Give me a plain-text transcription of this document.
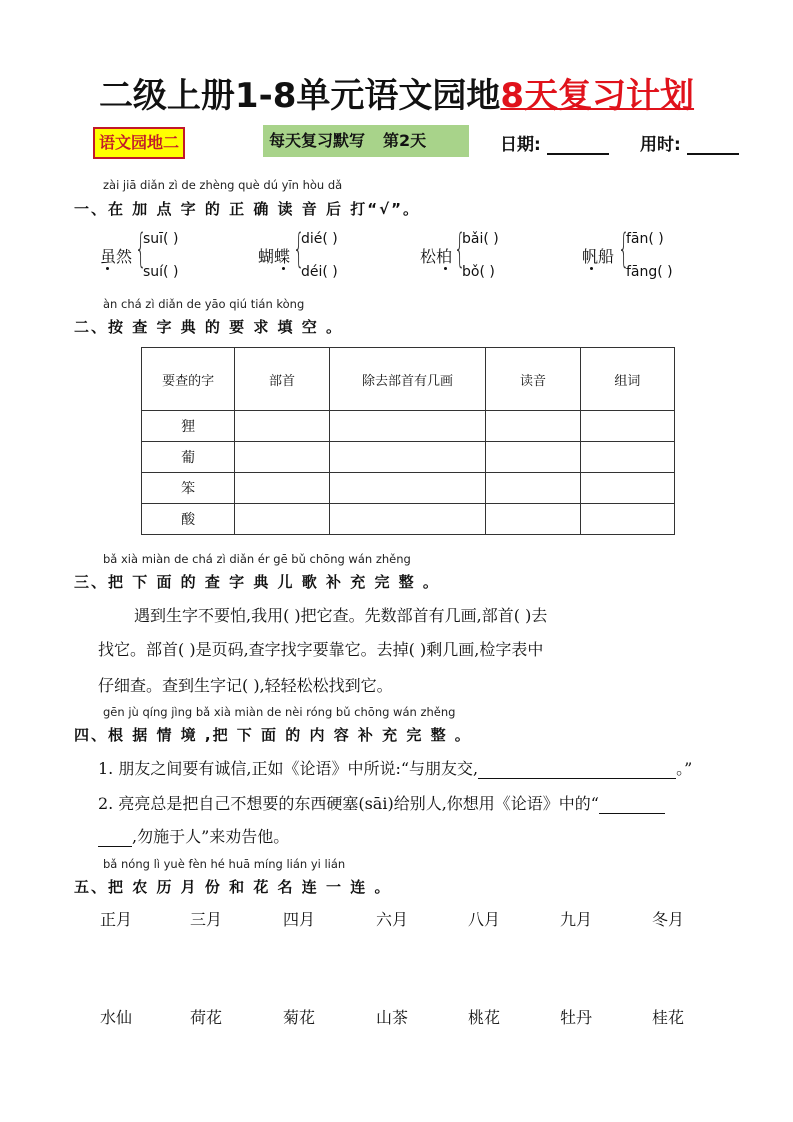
二级上册1-8单元语文园地8天复习计划
语文园地二	每天复习默写 第2天	日期:	用时:
zài jiā diǎn zì de zhèng què dú yīn hòu dǎ
一、在 加 点 字 的 正 确 读 音 后 打“√”。
虽然 {
suī( )
suí( )
蝴蝶 {
dié( )
déi( )
松柏 {
bǎi( )
bǒ( )
帆船 {
fān( )
fāng( )
àn chá zì diǎn de yāo qiú tián kòng
二、按 查 字 典 的 要 求 填 空 。
要查的字	部首	除去部首有几画	读音	组词
狸				
葡				
笨				
酸				
bǎ xià miàn de chá zì diǎn ér gē bǔ chōng wán zhěng
三、把 下 面 的 查 字 典 儿 歌 补 充 完 整 。
遇到生字不要怕,我用( )把它查。先数部首有几画,部首( )去
找它。部首( )是页码,查字找字要靠它。去掉( )剩几画,检字表中
仔细查。查到生字记( ),轻轻松松找到它。
gēn jù qíng jìng bǎ xià miàn de nèi róng bǔ chōng wán zhěng
四、根 据 情 境 ,把 下 面 的 内 容 补 充 完 整 。
1. 朋友之间要有诚信,正如《论语》中所说:“与朋友交,	。”
2. 亮亮总是把自己不想要的东西硬塞(sāi)给别人,你想用《论语》中的“
,勿施于人”来劝告他。
bǎ nóng lì yuè fèn hé huā míng lián yi lián
五、把 农 历 月 份 和 花 名 连 一 连 。
正月	三月	四月	六月	八月	九月	冬月
水仙	荷花	菊花	山茶	桃花	牡丹	桂花
